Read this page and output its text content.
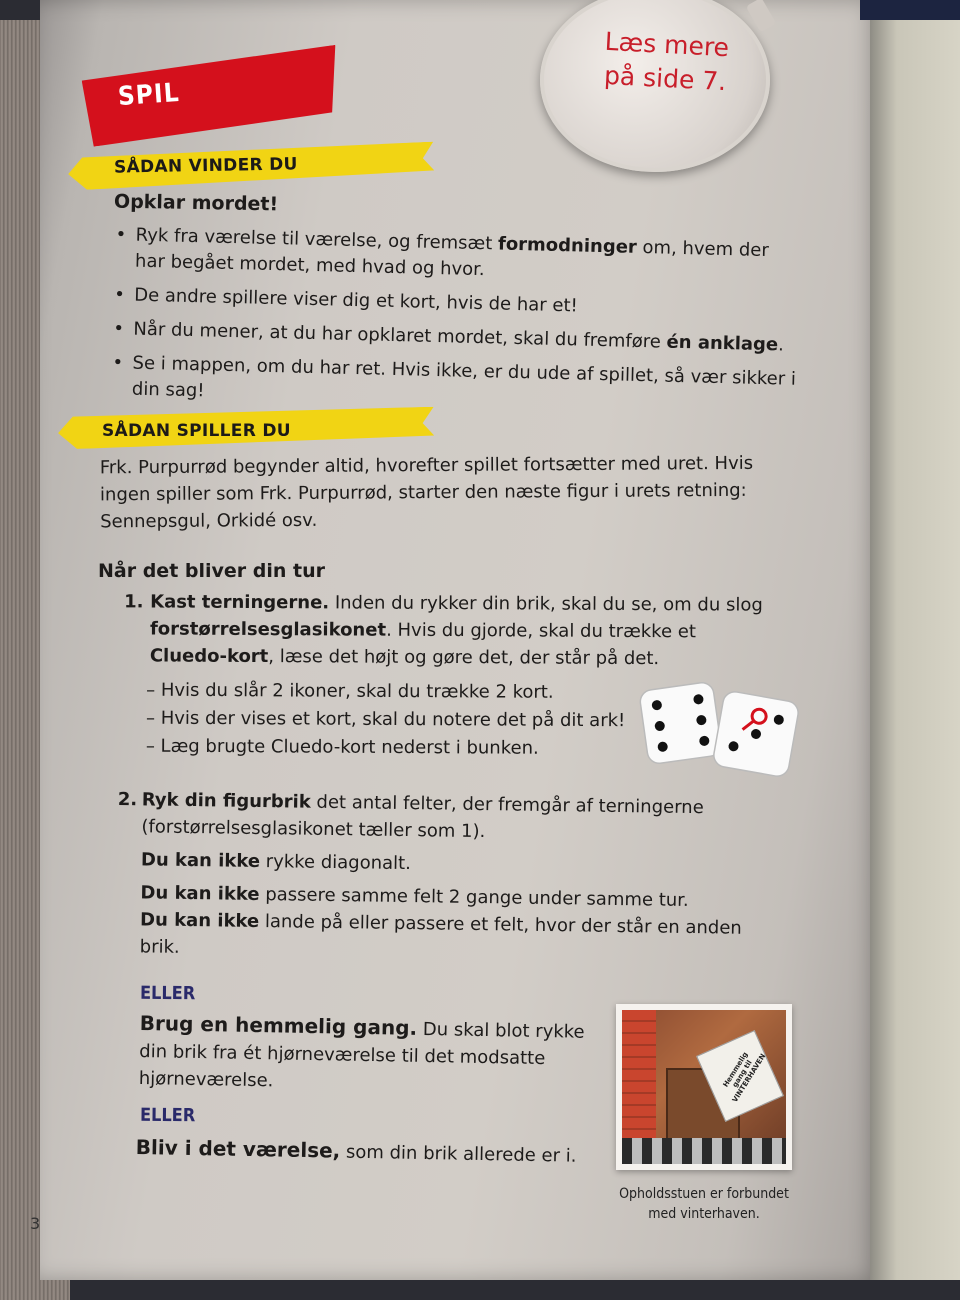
SPIL
Læs mere
på side 7.
SÅDAN VINDER DU
Opklar mordet!
• Ryk fra værelse til værelse, og fremsæt formodninger om, hvem der har begået mordet, med hvad og hvor.
• De andre spillere viser dig et kort, hvis de har et!
• Når du mener, at du har opklaret mordet, skal du fremføre én anklage.
• Se i mappen, om du har ret. Hvis ikke, er du ude af spillet, så vær sikker i din sag!
SÅDAN SPILLER DU
Frk. Purpurrød begynder altid, hvorefter spillet fortsætter med uret. Hvis ingen spiller som Frk. Purpurrød, starter den næste figur i urets retning: Sennepsgul, Orkidé osv.
Når det bliver din tur
1. Kast terningerne. Inden du rykker din brik, skal du se, om du slog forstørrelsesglasikonet. Hvis du gjorde, skal du trække et Cluedo-kort, læse det højt og gøre det, der står på det.
– Hvis du slår 2 ikoner, skal du trække 2 kort.
– Hvis der vises et kort, skal du notere det på dit ark!
– Læg brugte Cluedo-kort nederst i bunken.
2. Ryk din figurbrik det antal felter, der fremgår af terningerne (forstørrelsesglasikonet tæller som 1).

Du kan ikke rykke diagonalt.

Du kan ikke passere samme felt 2 gange under samme tur.

Du kan ikke lande på eller passere et felt, hvor der står en anden brik.

ELLER
Brug en hemmelig gang. Du skal blot rykke din brik fra ét hjørneværelse til det modsatte hjørneværelse.
ELLER
Bliv i det værelse, som din brik allerede er i.
Hemmelig gang til VINTERHAVEN
Opholdsstuen er forbundet
med vinterhaven.
3
